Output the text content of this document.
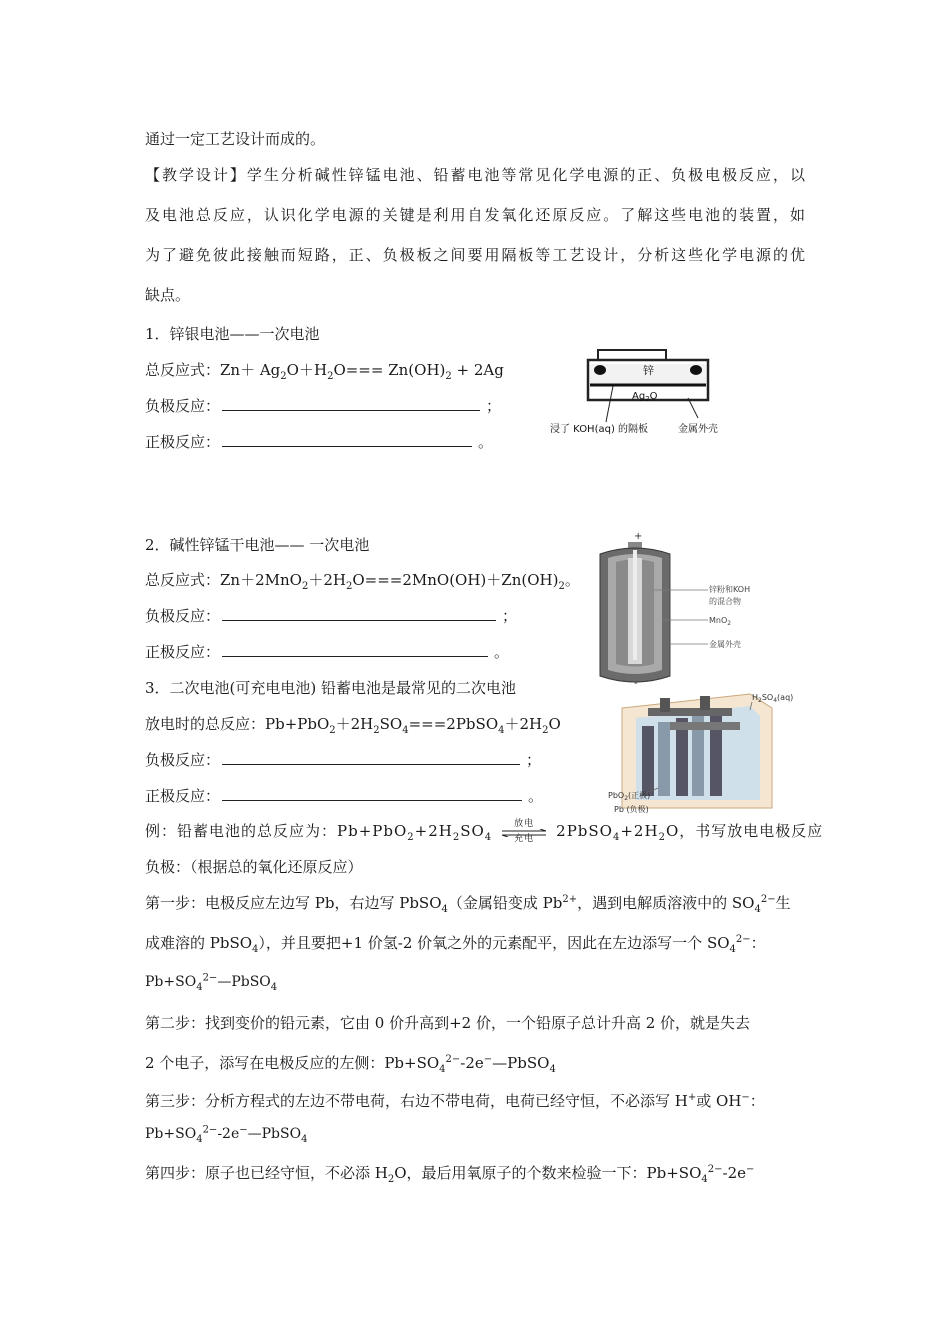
通过一定工艺设计而成的。
【教学设计】学生分析碱性锌锰电池、铅蓄电池等常见化学电源的正、负极电极反应，以
及电池总反应，认识化学电源的关键是利用自发氧化还原反应。了解这些电池的装置，如
为了避免彼此接触而短路，正、负极板之间要用隔板等工艺设计，分析这些化学电源的优
缺点。
1．锌银电池——一次电池
总反应式：$Zn+ Ag_2O+H_2O=== Zn(OH)_2 + 2Ag$
负极反应：	；
正极反应：	。
锌
$Ag_2O$
浸了 KOH(aq) 的隔板	金属外壳
2．碱性锌锰干电池—— 一次电池
总反应式：$Zn+2MnO_2+2H_2O===2MnO(OH)+Zn(OH)_2$。
负极反应：	；
正极反应：	。
+
-
锌粉和KOH
的混合物
MnO$_2$
金属外壳
3．二次电池(可充电电池) 铅蓄电池是最常见的二次电池
放电时的总反应：$Pb+PbO_2+2H_2SO_4===2PbSO_4+2H_2O$
负极反应：	；
正极反应：	。
$H_2SO_4(aq)$
PbO$_2$(正极)
Pb (负极)
例：铅蓄电池的总反应为：$Pb+PbO_2+2H_2SO_4$
放电
充电	$2PbSO_4+2H_2O$，书写放电电极反应
负极：（根据总的氧化还原反应）
第一步：电极反应左边写 Pb，右边写 PbSO$_4$（金属铅变成 $Pb^{2+}$，遇到电解质溶液中的 $SO_4^{2-}$生
成难溶的 PbSO$_4$），并且要把+1 价氢-2 价氧之外的元素配平，因此在左边添写一个 $SO_4^{2-}$：
$Pb+SO_4^{2-}—PbSO_4$
第二步：找到变价的铅元素，它由 0 价升高到+2 价，一个铅原子总计升高 2 价，就是失去
2 个电子，添写在电极反应的左侧：$Pb+SO_4^{2-}-2e^-—PbSO_4$
第三步：分析方程式的左边不带电荷，右边不带电荷，电荷已经守恒，不必添写 H+或 OH−：
$Pb+SO_4^{2-}-2e^-—PbSO_4$
第四步：原子也已经守恒，不必添 $H_2O$，最后用氧原子的个数来检验一下：$Pb+SO_4^{2-}-2e^-$
